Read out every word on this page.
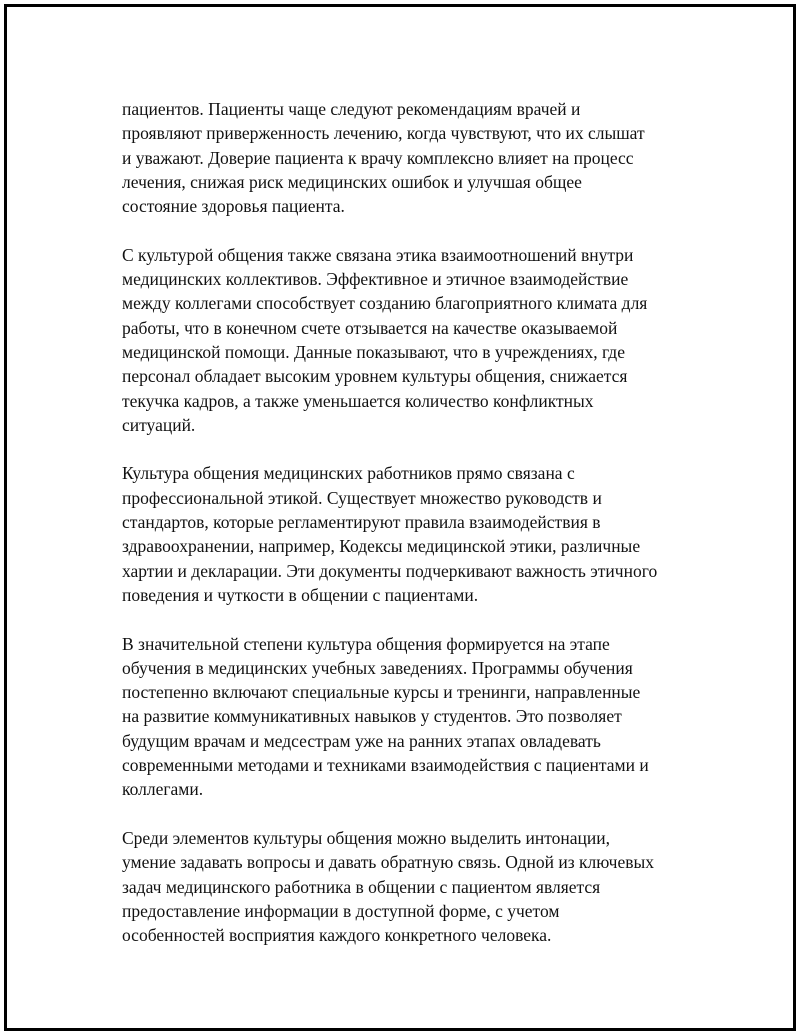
пациентов. Пациенты чаще следуют рекомендациям врачей и
проявляют приверженность лечению, когда чувствуют, что их слышат
и уважают. Доверие пациента к врачу комплексно влияет на процесс
лечения, снижая риск медицинских ошибок и улучшая общее
состояние здоровья пациента.

С культурой общения также связана этика взаимоотношений внутри
медицинских коллективов. Эффективное и этичное взаимодействие
между коллегами способствует созданию благоприятного климата для
работы, что в конечном счете отзывается на качестве оказываемой
медицинской помощи. Данные показывают, что в учреждениях, где
персонал обладает высоким уровнем культуры общения, снижается
текучка кадров, а также уменьшается количество конфликтных
ситуаций.

Культура общения медицинских работников прямо связана с
профессиональной этикой. Существует множество руководств и
стандартов, которые регламентируют правила взаимодействия в
здравоохранении, например, Кодексы медицинской этики, различные
хартии и декларации. Эти документы подчеркивают важность этичного
поведения и чуткости в общении с пациентами.

В значительной степени культура общения формируется на этапе
обучения в медицинских учебных заведениях. Программы обучения
постепенно включают специальные курсы и тренинги, направленные
на развитие коммуникативных навыков у студентов. Это позволяет
будущим врачам и медсестрам уже на ранних этапах овладевать
современными методами и техниками взаимодействия с пациентами и
коллегами.

Среди элементов культуры общения можно выделить интонации,
умение задавать вопросы и давать обратную связь. Одной из ключевых
задач медицинского работника в общении с пациентом является
предоставление информации в доступной форме, с учетом
особенностей восприятия каждого конкретного человека.
